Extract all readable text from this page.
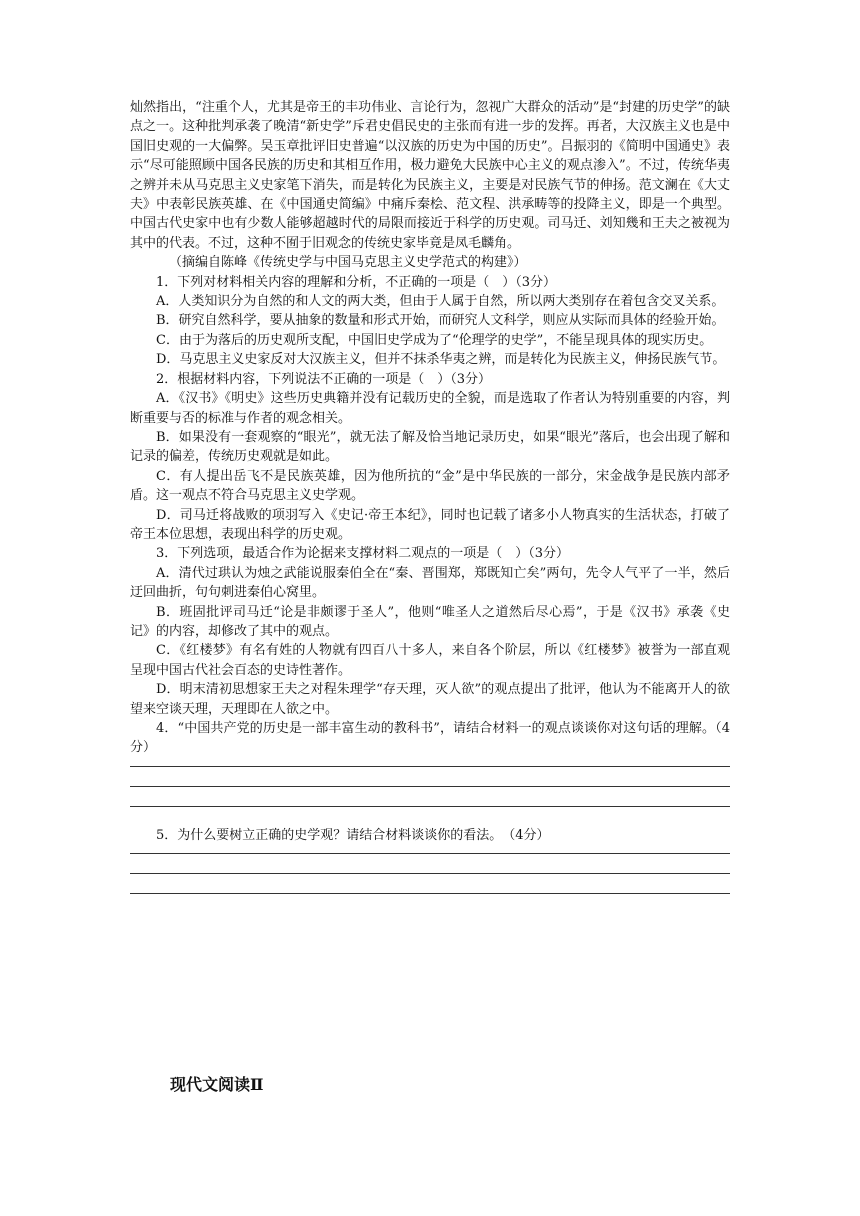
灿然指出，“注重个人，尤其是帝王的丰功伟业、言论行为，忽视广大群众的活动”是“封建的历史学”的缺点之一。这种批判承袭了晚清“新史学”斥君史倡民史的主张而有进一步的发挥。再者，大汉族主义也是中国旧史观的一大偏弊。吴玉章批评旧史普遍“以汉族的历史为中国的历史”。吕振羽的《简明中国通史》表示“尽可能照顾中国各民族的历史和其相互作用，极力避免大民族中心主义的观点渗入”。不过，传统华夷之辨并未从马克思主义史家笔下消失，而是转化为民族主义，主要是对民族气节的伸扬。范文澜在《大丈夫》中表彰民族英雄、在《中国通史简编》中痛斥秦桧、范文程、洪承畴等的投降主义，即是一个典型。中国古代史家中也有少数人能够超越时代的局限而接近于科学的历史观。司马迁、刘知幾和王夫之被视为其中的代表。不过，这种不囿于旧观念的传统史家毕竟是凤毛麟角。

（摘编自陈峰《传统史学与中国马克思主义史学范式的构建》）

1．下列对材料相关内容的理解和分析，不正确的一项是（　）（3分）

A．人类知识分为自然的和人文的两大类，但由于人属于自然，所以两大类别存在着包含交叉关系。

B．研究自然科学，要从抽象的数量和形式开始，而研究人文科学，则应从实际而具体的经验开始。

C．由于为落后的历史观所支配，中国旧史学成为了“伦理学的史学”，不能呈现具体的现实历史。

D．马克思主义史家反对大汉族主义，但并不抹杀华夷之辨，而是转化为民族主义，伸扬民族气节。

2．根据材料内容，下列说法不正确的一项是（　）（3分）

A．《汉书》《明史》这些历史典籍并没有记载历史的全貌，而是选取了作者认为特别重要的内容，判断重要与否的标准与作者的观念相关。

B．如果没有一套观察的“眼光”，就无法了解及恰当地记录历史，如果“眼光”落后，也会出现了解和记录的偏差，传统历史观就是如此。

C．有人提出岳飞不是民族英雄，因为他所抗的“金”是中华民族的一部分，宋金战争是民族内部矛盾。这一观点不符合马克思主义史学观。

D．司马迁将战败的项羽写入《史记·帝王本纪》，同时也记载了诸多小人物真实的生活状态，打破了帝王本位思想，表现出科学的历史观。

3．下列选项，最适合作为论据来支撑材料二观点的一项是（　）（3分）

A．清代过珙认为烛之武能说服秦伯全在“秦、晋围郑，郑既知亡矣”两句，先令人气平了一半，然后迂回曲折，句句刺进秦伯心窝里。

B．班固批评司马迁“论是非颇谬于圣人”，他则“唯圣人之道然后尽心焉”，于是《汉书》承袭《史记》的内容，却修改了其中的观点。

C．《红楼梦》有名有姓的人物就有四百八十多人，来自各个阶层，所以《红楼梦》被誉为一部直观呈现中国古代社会百态的史诗性著作。

D．明末清初思想家王夫之对程朱理学“存天理，灭人欲”的观点提出了批评，他认为不能离开人的欲望来空谈天理，天理即在人欲之中。

4．“中国共产党的历史是一部丰富生动的教科书”，请结合材料一的观点谈谈你对这句话的理解。（4分）

5．为什么要树立正确的史学观？请结合材料谈谈你的看法。　（4分）

现代文阅读Ⅱ
